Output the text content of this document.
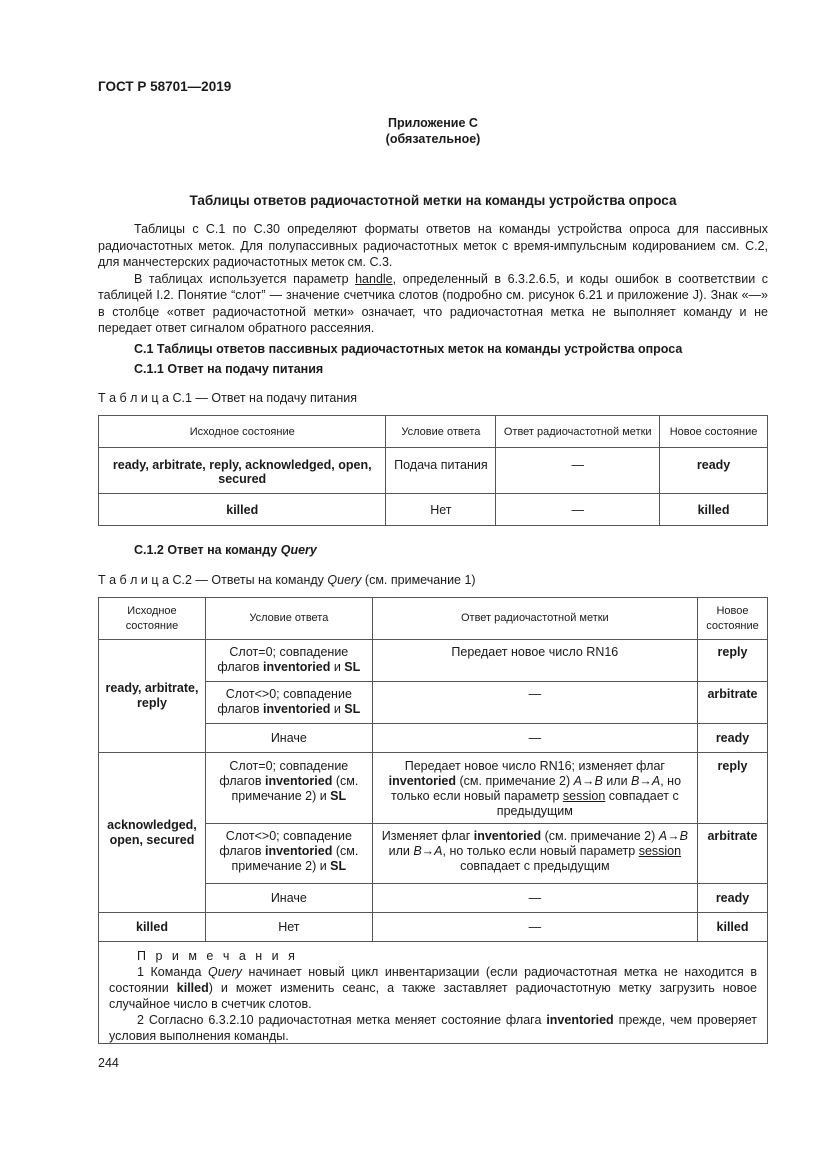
ГОСТ Р 58701—2019
Приложение С
(обязательное)
Таблицы ответов радиочастотной метки на команды устройства опроса

Таблицы с С.1 по С.30 определяют форматы ответов на команды устройства опроса для пассивных радиочастотных меток. Для полупассивных радиочастотных меток с время-импульсным кодированием см. С.2, для манчестерских радиочастотных меток см. С.3.

В таблицах используется параметр handle, определенный в 6.3.2.6.5, и коды ошибок в соответствии с таблицей I.2. Понятие “слот” — значение счетчика слотов (подробно см. рисунок 6.21 и приложение J). Знак «—» в столбце «ответ радиочастотной метки» означает, что радиочастотная метка не выполняет команду и не передает ответ сигналом обратного рассеяния.

С.1 Таблицы ответов пассивных радиочастотных меток на команды устройства опроса
С.1.1 Ответ на подачу питания
Т а б л и ц а С.1 — Ответ на подачу питания
Исходное состояние	Условие ответа	Ответ радиочастотной метки	Новое состояние
ready, arbitrate, reply, acknowledged, open, secured	Подача питания	—	ready
killed	Нет	—	killed
С.1.2 Ответ на команду Query
Т а б л и ц а С.2 — Ответы на команду Query (см. примечание 1)
Исходное состояние	Условие ответа	Ответ радиочастотной метки	Новое состояние
ready, arbitrate, reply	Слот=0; совпадение флагов inventoried и SL	Передает новое число RN16	reply
	Слот<>0; совпадение флагов inventoried и SL	—	arbitrate
	Иначе	—	ready
acknowledged, open, secured	Слот=0; совпадение флагов inventoried (см. примечание 2) и SL	Передает новое число RN16; изменяет флаг inventoried (см. примечание 2) A→B или B→A, но только если новый параметр session совпадает с предыдущим	reply
	Слот<>0; совпадение флагов inventoried (см. примечание 2) и SL	Изменяет флаг inventoried (см. примечание 2) A→B или B→A, но только если новый параметр session совпадает с предыдущим	arbitrate
	Иначе	—	ready
killed	Нет	—	killed

П р и м е ч а н и я

1 Команда Query начинает новый цикл инвентаризации (если радиочастотная метка не находится в состоянии killed) и может изменить сеанс, а также заставляет радиочастотную метку загрузить новое случайное число в счетчик слотов.

2 Согласно 6.3.2.10 радиочастотная метка меняет состояние флага inventoried прежде, чем проверяет условия выполнения команды.

244
